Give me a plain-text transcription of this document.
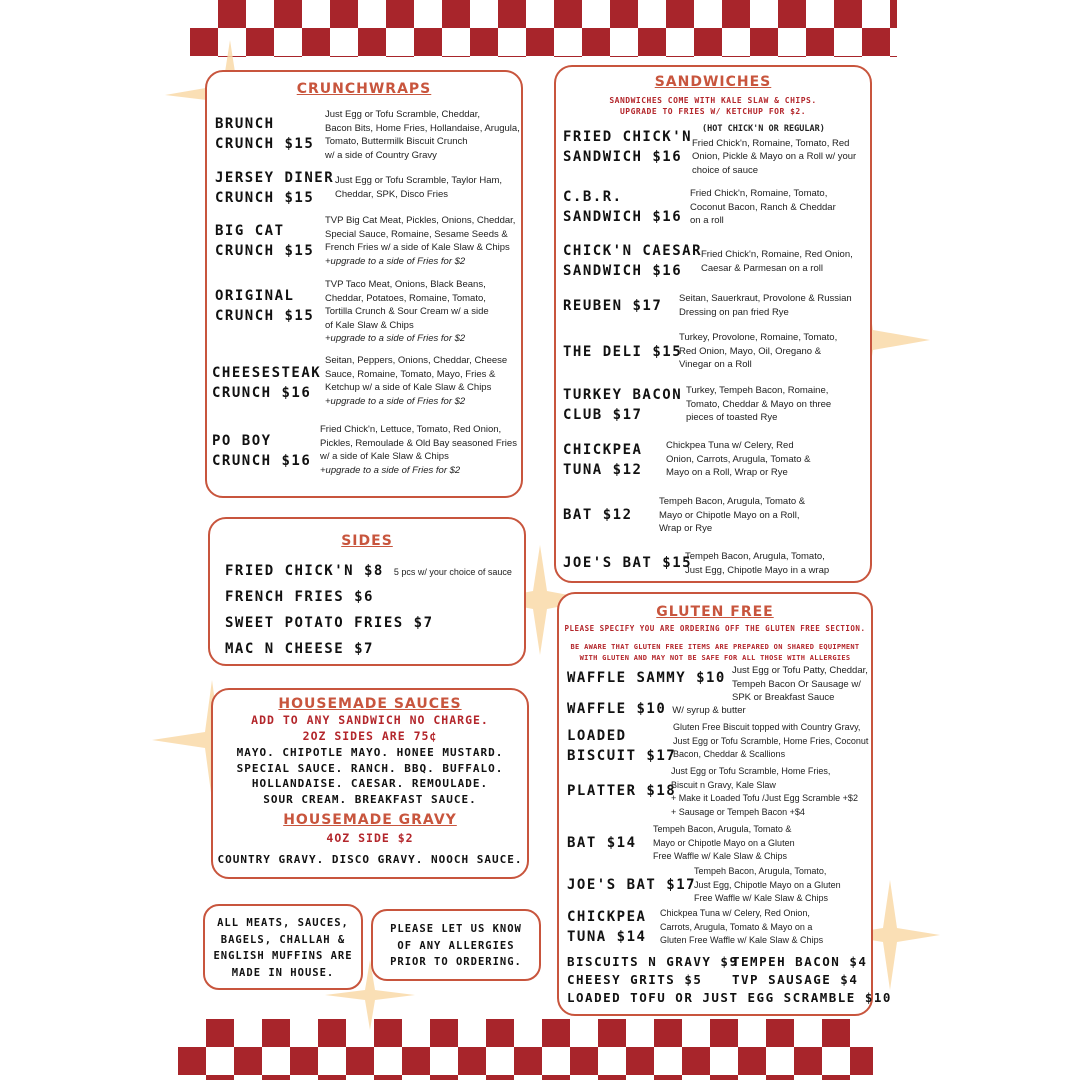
CRUNCHWRAPS
BRUNCH
CRUNCH $15
Just Egg or Tofu Scramble, Cheddar,
Bacon Bits, Home Fries, Hollandaise, Arugula,
Tomato, Buttermilk Biscuit Crunch
w/ a side of Country Gravy
JERSEY DINER
CRUNCH $15
Just Egg or Tofu Scramble, Taylor Ham,
Cheddar, SPK, Disco Fries
BIG CAT
CRUNCH $15
TVP Big Cat Meat, Pickles, Onions, Cheddar,
Special Sauce, Romaine, Sesame Seeds &
French Fries w/ a side of Kale Slaw & Chips
+upgrade to a side of Fries for $2
ORIGINAL
CRUNCH $15
TVP Taco Meat, Onions, Black Beans,
Cheddar, Potatoes, Romaine, Tomato,
Tortilla Crunch & Sour Cream w/ a side
of Kale Slaw & Chips
+upgrade to a side of Fries for $2
CHEESESTEAK
CRUNCH $16
Seitan, Peppers, Onions, Cheddar, Cheese
Sauce, Romaine, Tomato, Mayo, Fries &
Ketchup w/ a side of Kale Slaw & Chips
+upgrade to a side of Fries for $2
PO BOY
CRUNCH $16
Fried Chick'n, Lettuce, Tomato, Red Onion,
Pickles, Remoulade & Old Bay seasoned Fries
w/ a side of Kale Slaw & Chips
+upgrade to a side of Fries for $2
SIDES
FRIED CHICK'N $8 5 pcs w/ your choice of sauce
FRENCH FRIES $6
SWEET POTATO FRIES $7
MAC N CHEESE $7
HOUSEMADE SAUCES
ADD TO ANY SANDWICH NO CHARGE.
2OZ SIDES ARE 75¢
MAYO. CHIPOTLE MAYO. HONEE MUSTARD.
SPECIAL SAUCE. RANCH. BBQ. BUFFALO.
HOLLANDAISE. CAESAR. REMOULADE.
SOUR CREAM. BREAKFAST SAUCE.
HOUSEMADE GRAVY
4OZ SIDE $2
COUNTRY GRAVY. DISCO GRAVY. NOOCH SAUCE.
ALL MEATS, SAUCES,
BAGELS, CHALLAH &
ENGLISH MUFFINS ARE
MADE IN HOUSE.
PLEASE LET US KNOW
OF ANY ALLERGIES
PRIOR TO ORDERING.
SANDWICHES
SANDWICHES COME WITH KALE SLAW & CHIPS.
UPGRADE TO FRIES W/ KETCHUP FOR $2.
FRIED CHICK'N
SANDWICH $16
(HOT CHICK'N OR REGULAR)
Fried Chick'n, Romaine, Tomato, Red
Onion, Pickle & Mayo on a Roll w/ your
choice of sauce
C.B.R.
SANDWICH $16
Fried Chick'n, Romaine, Tomato,
Coconut Bacon, Ranch & Cheddar
on a roll
CHICK'N CAESAR
SANDWICH $16
Fried Chick'n, Romaine, Red Onion,
Caesar & Parmesan on a roll
REUBEN $17 Seitan, Sauerkraut, Provolone & Russian
Dressing on pan fried Rye
THE DELI $15
Turkey, Provolone, Romaine, Tomato,
Red Onion, Mayo, Oil, Oregano &
Vinegar on a Roll
TURKEY BACON
CLUB $17
Turkey, Tempeh Bacon, Romaine,
Tomato, Cheddar & Mayo on three
pieces of toasted Rye
CHICKPEA
TUNA $12
Chickpea Tuna w/ Celery, Red
Onion, Carrots, Arugula, Tomato &
Mayo on a Roll, Wrap or Rye
BAT $12
Tempeh Bacon, Arugula, Tomato &
Mayo or Chipotle Mayo on a Roll,
Wrap or Rye
JOE'S BAT $15
Tempeh Bacon, Arugula, Tomato,
Just Egg, Chipotle Mayo in a wrap
GLUTEN FREE
PLEASE SPECIFY YOU ARE ORDERING OFF THE GLUTEN FREE SECTION.
BE AWARE THAT GLUTEN FREE ITEMS ARE PREPARED ON SHARED EQUIPMENT
WITH GLUTEN AND MAY NOT BE SAFE FOR ALL THOSE WITH ALLERGIES
WAFFLE SAMMY $10 Just Egg or Tofu Patty, Cheddar,
Tempeh Bacon Or Sausage w/
SPK or Breakfast Sauce
WAFFLE $10 W/ syrup & butter
LOADED
BISCUIT $17
Gluten Free Biscuit topped with Country Gravy,
Just Egg or Tofu Scramble, Home Fries, Coconut
Bacon, Cheddar & Scallions
PLATTER $18
Just Egg or Tofu Scramble, Home Fries,
Biscuit n Gravy, Kale Slaw
+ Make it Loaded Tofu /Just Egg Scramble +$2
+ Sausage or Tempeh Bacon +$4
BAT $14
Tempeh Bacon, Arugula, Tomato &
Mayo or Chipotle Mayo on a Gluten
Free Waffle w/ Kale Slaw & Chips
JOE'S BAT $17
Tempeh Bacon, Arugula, Tomato,
Just Egg, Chipotle Mayo on a Gluten
Free Waffle w/ Kale Slaw & Chips
CHICKPEA
TUNA $14
Chickpea Tuna w/ Celery, Red Onion,
Carrots, Arugula, Tomato & Mayo on a
Gluten Free Waffle w/ Kale Slaw & Chips
BISCUITS N GRAVY $9
TEMPEH BACON $4
CHEESY GRITS $5 TVP SAUSAGE $4
LOADED TOFU OR JUST EGG SCRAMBLE $10
